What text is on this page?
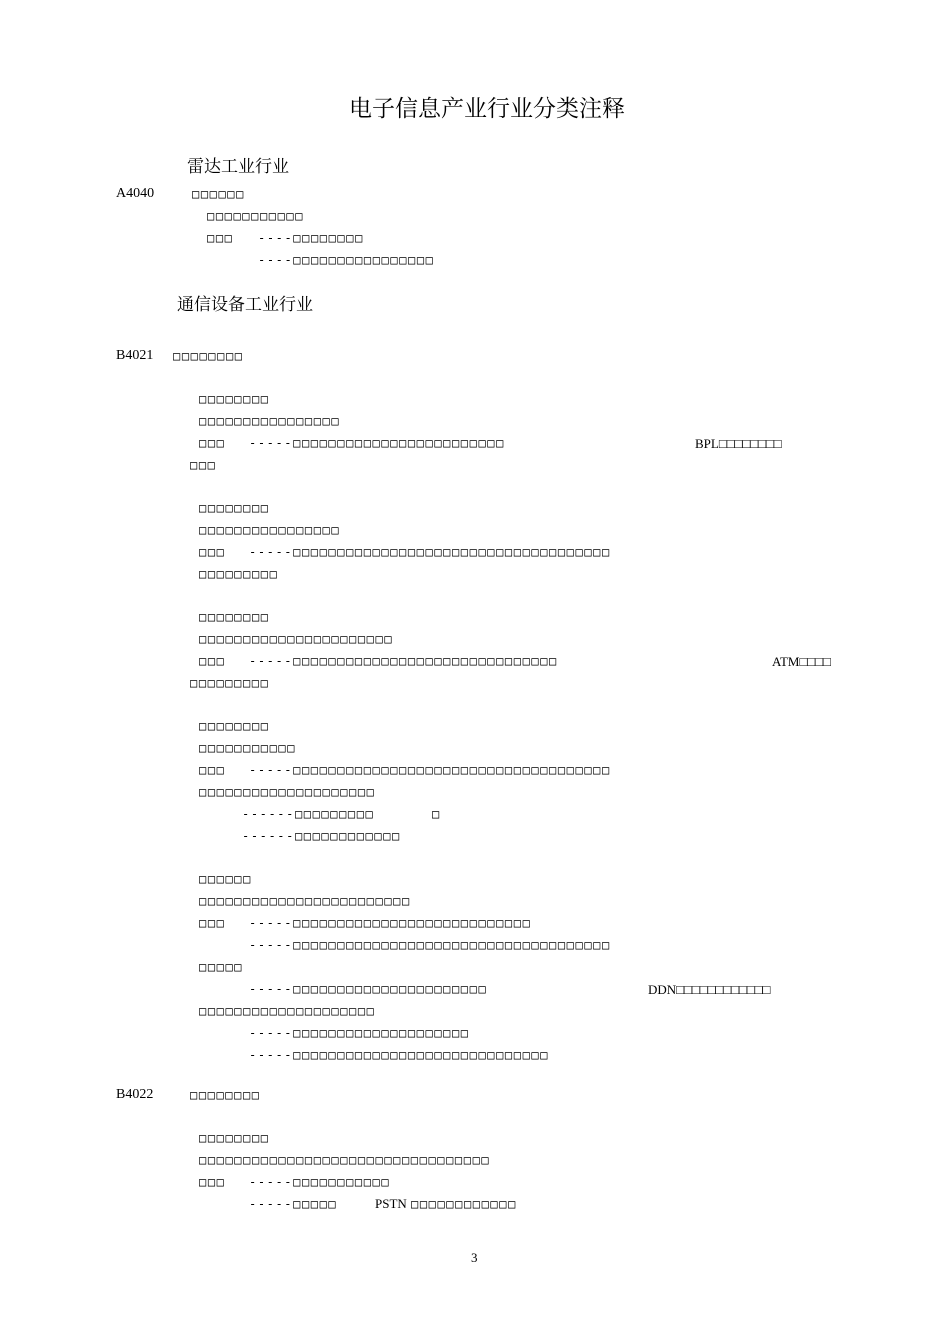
电子信息产业行业分类注释
雷达工业行业
A4040	□□□□□□
□□□□□□□□□□□
□□□ ----□□□□□□□□
----□□□□□□□□□□□□□□□□
通信设备工业行业
B4021 □□□□□□□□
□□□□□□□□
□□□□□□□□□□□□□□□□
□□□ -----□□□□□□□□□□□□□□□□□□□□□□□□	BPL□□□□□□□□
□□□
□□□□□□□□
□□□□□□□□□□□□□□□□
□□□ -----□□□□□□□□□□□□□□□□□□□□□□□□□□□□□□□□□□□□
□□□□□□□□□
□□□□□□□□
□□□□□□□□□□□□□□□□□□□□□□
□□□ -----□□□□□□□□□□□□□□□□□□□□□□□□□□□□□□	ATM□□□□
□□□□□□□□□
□□□□□□□□
□□□□□□□□□□□
□□□ -----□□□□□□□□□□□□□□□□□□□□□□□□□□□□□□□□□□□□
□□□□□□□□□□□□□□□□□□□□
------□□□□□□□□□	□
------□□□□□□□□□□□□
□□□□□□
□□□□□□□□□□□□□□□□□□□□□□□□
□□□ -----□□□□□□□□□□□□□□□□□□□□□□□□□□□
-----□□□□□□□□□□□□□□□□□□□□□□□□□□□□□□□□□□□□
□□□□□
-----□□□□□□□□□□□□□□□□□□□□□□	DDN□□□□□□□□□□□□
□□□□□□□□□□□□□□□□□□□□
-----□□□□□□□□□□□□□□□□□□□□
-----□□□□□□□□□□□□□□□□□□□□□□□□□□□□□
B4022	□□□□□□□□
□□□□□□□□
□□□□□□□□□□□□□□□□□□□□□□□□□□□□□□□□□
□□□ -----□□□□□□□□□□□
-----□□□□□	PSTN □□□□□□□□□□□□
3
